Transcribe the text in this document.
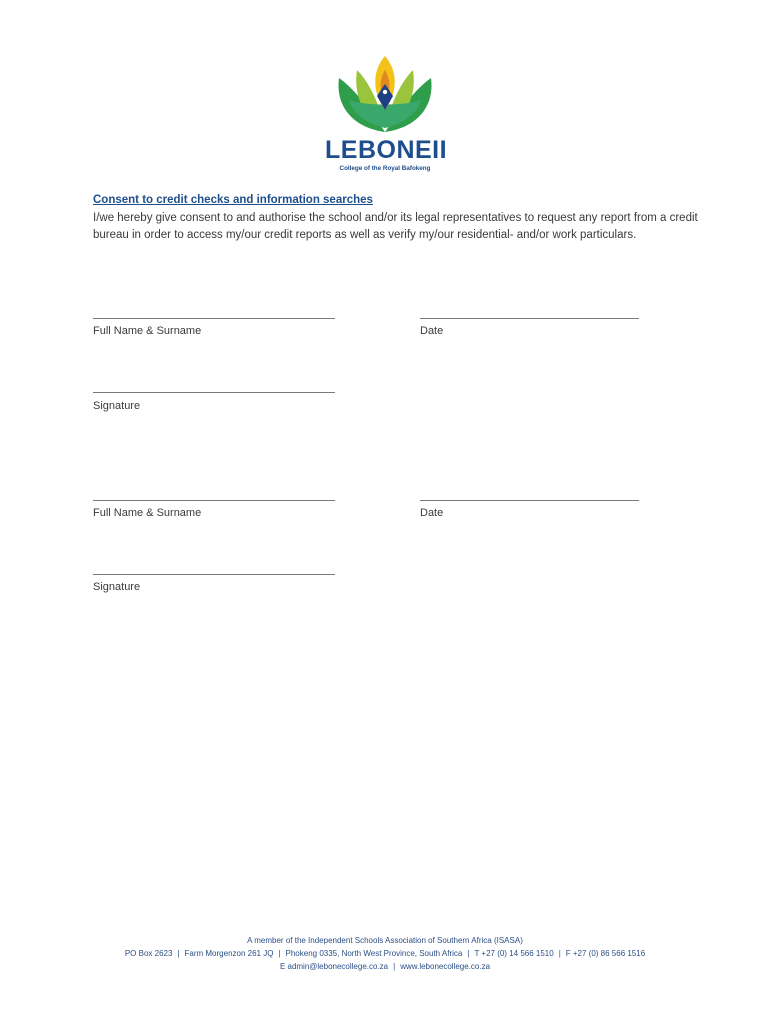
LEBONEII
College of the Royal Bafokeng
Consent to credit checks and information searches
I/we hereby give consent to and authorise the school and/or its legal representatives to request any report from a credit bureau in order to access my/our credit reports as well as verify my/our residential- and/or work particulars.
Full Name & Surname	Date
Signature
Full Name & Surname	Date
Signature
A member of the Independent Schools Association of Southern Africa (ISASA)
PO Box 2623 | Farm Morgenzon 261 JQ | Phokeng 0335, North West Province, South Africa | T +27 (0) 14 566 1510 | F +27 (0) 86 566 1516
E admin@lebonecollege.co.za | www.lebonecollege.co.za
